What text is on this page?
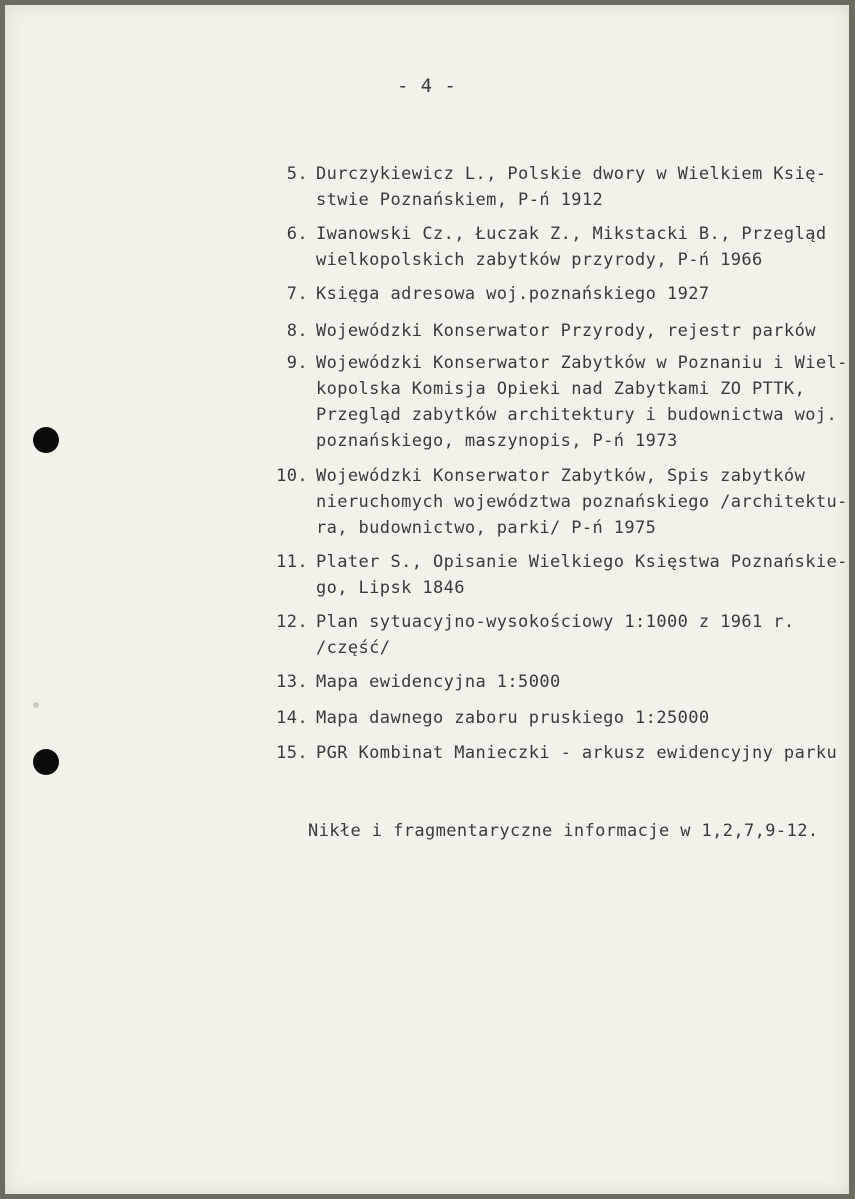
- 4 -
5. Durczykiewicz L., Polskie dwory w Wielkiem Księ-
stwie Poznańskiem, P-ń 1912
6. Iwanowski Cz., Łuczak Z., Mikstacki B., Przegląd
wielkopolskich zabytków przyrody, P-ń 1966
7. Księga adresowa woj.poznańskiego 1927
8. Wojewódzki Konserwator Przyrody, rejestr parków
9. Wojewódzki Konserwator Zabytków w Poznaniu i Wiel-
kopolska Komisja Opieki nad Zabytkami ZO PTTK,
Przegląd zabytków architektury i budownictwa woj.
poznańskiego, maszynopis, P-ń 1973
10. Wojewódzki Konserwator Zabytków, Spis zabytków
nieruchomych województwa poznańskiego /architektu-
ra, budownictwo, parki/ P-ń 1975
11. Plater S., Opisanie Wielkiego Księstwa Poznańskie-
go, Lipsk 1846
12. Plan sytuacyjno-wysokościowy 1:1000 z 1961 r.
/część/
13. Mapa ewidencyjna 1:5000
14. Mapa dawnego zaboru pruskiego 1:25000
15. PGR Kombinat Manieczki - arkusz ewidencyjny parku
Nikłe i fragmentaryczne informacje w 1,2,7,9-12.
